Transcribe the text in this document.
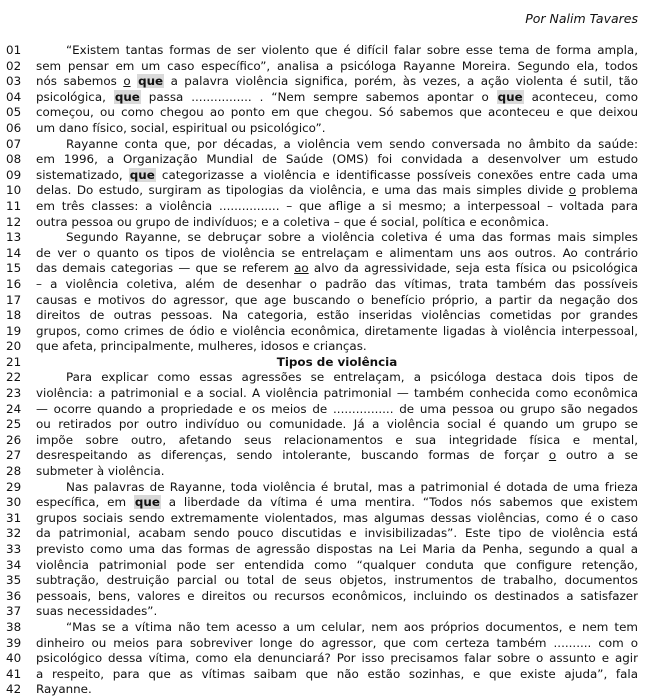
Por Nalim Tavares
01	“Existem tantas formas de ser violento que é difícil falar sobre esse tema de forma ampla,
02	sem pensar em um caso específico”, analisa a psicóloga Rayanne Moreira. Segundo ela, todos
03	nós sabemos o que a palavra violência significa, porém, às vezes, a ação violenta é sutil, tão
04	psicológica, que passa ................ . “Nem sempre sabemos apontar o que aconteceu, como
05	começou, ou como chegou ao ponto em que chegou. Só sabemos que aconteceu e que deixou
06	um dano físico, social, espiritual ou psicológico”.
07	Rayanne conta que, por décadas, a violência vem sendo conversada no âmbito da saúde:
08	em 1996, a Organização Mundial de Saúde (OMS) foi convidada a desenvolver um estudo
09	sistematizado, que categorizasse a violência e identificasse possíveis conexões entre cada uma
10	delas. Do estudo, surgiram as tipologias da violência, e uma das mais simples divide o problema
11	em três classes: a violência ................ – que aflige a si mesmo; a interpessoal – voltada para
12	outra pessoa ou grupo de indivíduos; e a coletiva – que é social, política e econômica.
13	Segundo Rayanne, se debruçar sobre a violência coletiva é uma das formas mais simples
14	de ver o quanto os tipos de violência se entrelaçam e alimentam uns aos outros. Ao contrário
15	das demais categorias — que se referem ao alvo da agressividade, seja esta física ou psicológica
16	– a violência coletiva, além de desenhar o padrão das vítimas, trata também das possíveis
17	causas e motivos do agressor, que age buscando o benefício próprio, a partir da negação dos
18	direitos de outras pessoas. Na categoria, estão inseridas violências cometidas por grandes
19	grupos, como crimes de ódio e violência econômica, diretamente ligadas à violência interpessoal,
20	que afeta, principalmente, mulheres, idosos e crianças.
21	Tipos de violência
22	Para explicar como essas agressões se entrelaçam, a psicóloga destaca dois tipos de
23	violência: a patrimonial e a social. A violência patrimonial — também conhecida como econômica
24	— ocorre quando a propriedade e os meios de ................ de uma pessoa ou grupo são negados
25	ou retirados por outro indivíduo ou comunidade. Já a violência social é quando um grupo se
26	impõe sobre outro, afetando seus relacionamentos e sua integridade física e mental,
27	desrespeitando as diferenças, sendo intolerante, buscando formas de forçar o outro a se
28	submeter à violência.
29	Nas palavras de Rayanne, toda violência é brutal, mas a patrimonial é dotada de uma frieza
30	específica, em que a liberdade da vítima é uma mentira. “Todos nós sabemos que existem
31	grupos sociais sendo extremamente violentados, mas algumas dessas violências, como é o caso
32	da patrimonial, acabam sendo pouco discutidas e invisibilizadas”. Este tipo de violência está
33	previsto como uma das formas de agressão dispostas na Lei Maria da Penha, segundo a qual a
34	violência patrimonial pode ser entendida como “qualquer conduta que configure retenção,
35	subtração, destruição parcial ou total de seus objetos, instrumentos de trabalho, documentos
36	pessoais, bens, valores e direitos ou recursos econômicos, incluindo os destinados a satisfazer
37	suas necessidades”.
38	“Mas se a vítima não tem acesso a um celular, nem aos próprios documentos, e nem tem
39	dinheiro ou meios para sobreviver longe do agressor, que com certeza também .......... com o
40	psicológico dessa vítima, como ela denunciará? Por isso precisamos falar sobre o assunto e agir
41	a respeito, para que as vítimas saibam que não estão sozinhas, e que existe ajuda”, fala
42	Rayanne.
